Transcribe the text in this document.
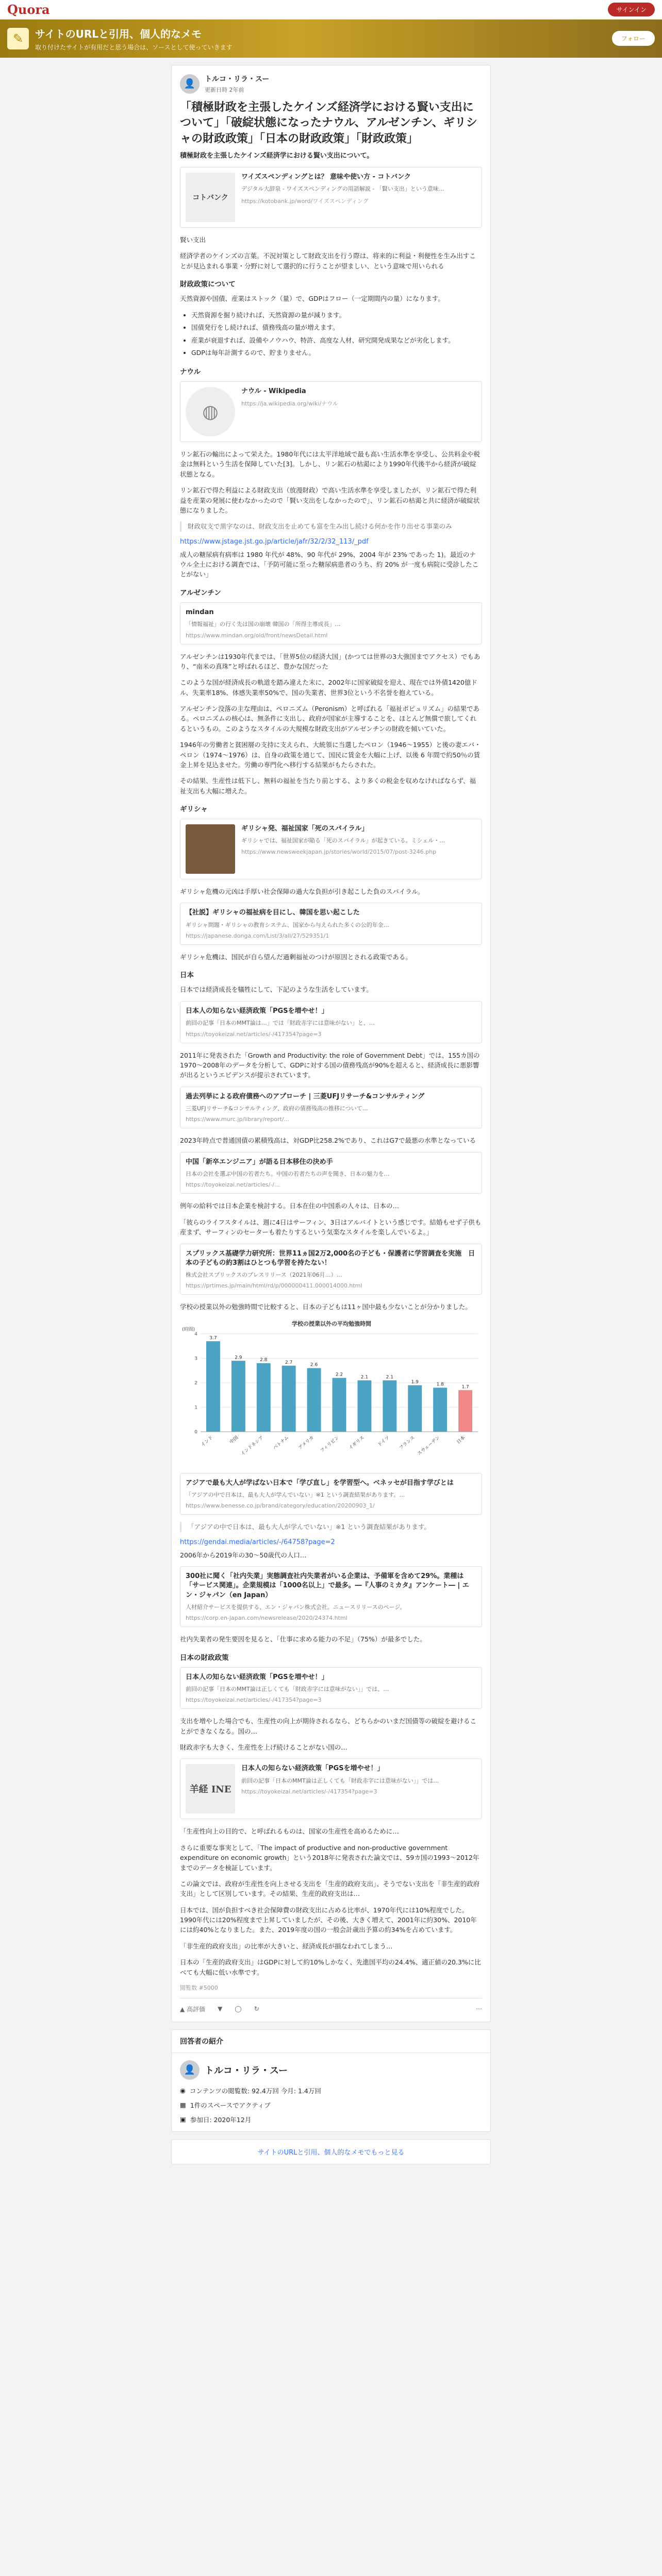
Quora	サインイン
✎	サイトのURLと引用、個人的なメモ
取り付けたサイトが有用だと思う場合は、ソースとして使っていきます
フォロー
👤	トルコ・リラ・スー
更新日時 2年前
「積極財政を主張したケインズ経済学における賢い支出について」「破綻状態になったナウル、アルゼンチン、ギリシャの財政政策」「日本の財政政策」「財政政策」
積極財政を主張したケインズ経済学における賢い支出について。
コトバンク
ワイズスペンディングとは？ 意味や使い方 - コトバンク
デジタル大辞泉 - ワイズスペンディングの用語解説 - 「賢い支出」という意味…
https://kotobank.jp/word/ワイズスペンディング

賢い支出

経済学者のケインズの言葉。不況対策として財政支出を行う際は、将来的に利益・利便性を生み出すことが見込まれる事業・分野に対して選択的に行うことが望ましい、という意味で用いられる

財政政策について

天然資源や国債、産業はストック（量）で、GDPはフロー（一定期間内の量）になります。

• 天然資源を掘り続ければ、天然資源の量が減ります。
• 国債発行をし続ければ、債務残高の量が増えます。
• 産業が衰退すれば、設備やノウハウ、特許、高度な人材、研究開発成果などが劣化します。
• GDPは毎年計測するので、貯まりません。
ナウル
◍
ナウル - Wikipedia
https://ja.wikipedia.org/wiki/ナウル

リン鉱石の輸出によって栄えた。1980年代には太平洋地域で最も高い生活水準を享受し、公共料金や税金は無料という生活を保障していた[3]。しかし、リン鉱石の枯渇により1990年代後半から経済が破綻状態となる。

リン鉱石で得た利益による財政支出（放漫財政）で高い生活水準を享受しましたが、リン鉱石で得た利益を産業の発展に使わなかったので「賢い支出をしなかったので」、リン鉱石の枯渇と共に経済が破綻状態になりました。

財政収支で黒字なのは、財政支出を止めても富を生み出し続ける何かを作り出せる事業のみ
https://www.jstage.jst.go.jp/article/jafr/32/2/32_113/_pdf

成人の糖尿病有病率は 1980 年代が 48%、90 年代が 29%、2004 年が 23% であった 1)。最近のナウル全土における調査では、「予防可能に至った糖尿病患者のうち、約 20% が一度も病院に受診したことがない」

アルゼンチン
mindan
「情報福祉」の行く先は国の崩壊 韓国の「所得主導成長」…
https://www.mindan.org/old/front/newsDetail.html

アルゼンチンは1930年代までは、「世界5位の経済大国」(かつては世界の3大強国までアクセス）でもあり、“南米の真珠”と呼ばれるほど、豊かな国だった

このような国が経済成長の軌道を踏み違えた末に、2002年に国家破綻を迎え、現在では外債1420億ドル、失業率18%、体感失業率50%で、国の失業者、世界3位という不名誉を抱えている。

アルゼンチン没落の主な理由は、ペロニズム（Peronism）と呼ばれる「福祉ポピュリズム」の結果である。ペロニズムの核心は、無条件に支出し、政府が国家が主導することを、ほとんど無償で旅してくれるというもの。このようなスタイルの大規模な財政支出がアルゼンチンの財政を傾いていた。

1946年の労働者と貧困層の支持に支えられ、大統領に当選したペロン（1946〜1955）と後の妻エバ・ペロン（1974〜1976）は、自身の政策を通じて、国民に賃金を大幅に上げ、以後 6 年間で約50％の賃金上昇を見込ませた。労働の専門化へ移行する結果がもたらされた。

その結果、生産性は低下し、無料の福祉を当たり前とする、より多くの税金を収めなければならず、福祉支出も大幅に増えた。

ギリシャ
ギリシャ発、福祉国家「死のスパイラル」
ギリシャでは、福祉国家が陥る「死のスパイラル」が起きている。ミシェル・…
https://www.newsweekjapan.jp/stories/world/2015/07/post-3246.php

ギリシャ危機の元凶は手厚い社会保障の過大な負担が引き起こした負のスパイラル。

【社説】ギリシャの福祉病を目にし、韓国を思い起こした
ギリシャ問題・ギリシャの教育システム、国家から与えられた多くの公的年金…
https://japanese.donga.com/List/3/all/27/529351/1

ギリシャ危機は、国民が自ら望んだ過剰福祉のつけが原因とされる政策である。

日本

日本では経済成長を犠牲にして、下記のような生活をしています。

日本人の知らない経済政策「PGSを増やせ！」
前回の記事「日本のMMT論は…」では「財政赤字には意味がない」と、…
https://toyokeizai.net/articles/-/417354?page=3

2011年に発表された「Growth and Productivity: the role of Government Debt」では、155カ国の1970〜2008年のデータを分析して、GDPに対する国の債務残高が90%を超えると、経済成長に悪影響が出るというエビデンスが提示されています。

過去列挙による政府債務へのアプローチ | 三菱UFJリサーチ&コンサルティング
三菱UFJリサーチ&コンサルティング、政府の債務残高の推移について…
https://www.murc.jp/library/report/...

2023年時点で普通国債の累積残高は、対GDP比258.2%であり、これはG7で最悪の水準となっている

中国「新卒エンジニア」が語る日本移住の決め手
日本の会社を選ぶ中国の若者たち。中国の若者たちの声を聞き、日本の魅力を…
https://toyokeizai.net/articles/-/...

例年の給料では日本企業を検討する。日本在住の中国系の人々は、日本の…

「彼らのライフスタイルは、週に4日はサーフィン、3日はアルバイトという感じです。結婚もせず子供も産まず、サーフィンのセーターも着たりするという気楽なスタイルを楽しんでいるよ。」

スプリックス基礎学力研究所：世界11ヵ国2万2,000名の子ども・保護者に学習調査を実施　日本の子どもの約3割はひとつも学習を持たない！
株式会社スプリックスのプレスリリース（2021年06月…）…
https://prtimes.jp/main/html/rd/p/000000411.000014000.html

学校の授業以外の勉強時間で比較すると、日本の子どもは11ヶ国中最も少ないことが分かりました。

学校の授業以外の平均勉強時間
(時間)
0
1
2
3
4
3.7
インド
2.9
中国
2.8
インドネシア
2.7
ベトナム
2.6
アメリカ
2.2
フィリピン
2.1
イギリス
2.1
ドイツ
1.9
フランス
1.8
スウェーデン
1.7
日本
アジアで最も大人が学ばない日本で「学び直し」を学習型へ。ベネッセが目指す学びとは
「アジアの中で日本は、最も大人が学んでいない」※1 という調査結果があります。…
https://www.benesse.co.jp/brand/category/education/20200903_1/
「アジアの中で日本は、最も大人が学んでいない」※1 という調査結果があります。
https://gendai.media/articles/-/64758?page=2

2006年から2019年の30〜50歳代の人口…

300社に聞く「社内失業」実態調査社内失業者がいる企業は、予備軍を含めて29%。業種は「サービス関連」。企業規模は「1000名以上」で最多。―『人事のミカタ』アンケート― | エン・ジャパン（en Japan）
人材紹介サービスを提供する、エン・ジャパン株式会社。ニュースリリースのページ。
https://corp.en-japan.com/newsrelease/2020/24374.html

社内失業者の発生要因を見ると、「仕事に求める能力の不足」（75%）が最多でした。

日本の財政政策
日本人の知らない経済政策「PGSを増やせ！」
前回の記事「日本のMMT論は正しくても「財政赤字には意味がない」」では、…
https://toyokeizai.net/articles/-/417354?page=3

支出を増やした場合でも、生産性の向上が期待されるなら、どちらかのいまだ国債等の破綻を避けることができなくなる。国の…

財政赤字も大きく、生産性を上げ続けることがない国の…

羊経 INE
日本人の知らない経済政策「PGSを増やせ！」
前回の記事「日本のMMT論は正しくても「財政赤字には意味がない」」では…
https://toyokeizai.net/articles/-/417354?page=3

「生産性向上の目的で、と呼ばれるものは、国家の生産性を高めるために…

さらに重要な事実として、「The impact of productive and non-productive government expenditure on economic growth」という2018年に発表された論文では、59カ国の1993〜2012年までのデータを検証しています。

この論文では、政府が生産性を向上させる支出を「生産的政府支出」、そうでない支出を「非生産的政府支出」として区別しています。その結果、生産的政府支出は…

日本では、国が負担すべき社会保障費の財政支出に占める比率が、1970年代には10%程度でした。1990年代には20%程度まで上昇していましたが、その後、大きく増えて、2001年に約30%、2010年には約40%となりました。また、2019年度の国の一般会計歳出予算の約34%を占めています。

「非生産的政府支出」の比率が大きいと、経済成長が損なわれてしまう…

日本の「生産的政府支出」はGDPに対して約10%しかなく、先進国平均の24.4%、適正値の20.3%に比べても大幅に低い水準です。

閲覧数 #5000
▲ 高評価 ▼ ◯ ↻	⋯
回答者の紹介
👤 トルコ・リラ・スー
◉ コンテンツの閲覧数: 92.4万回 今月: 1.4万回
▦ 1件のスペースでアクティブ
▣ 参加日: 2020年12月
サイトのURLと引用、個人的なメモでもっと見る
